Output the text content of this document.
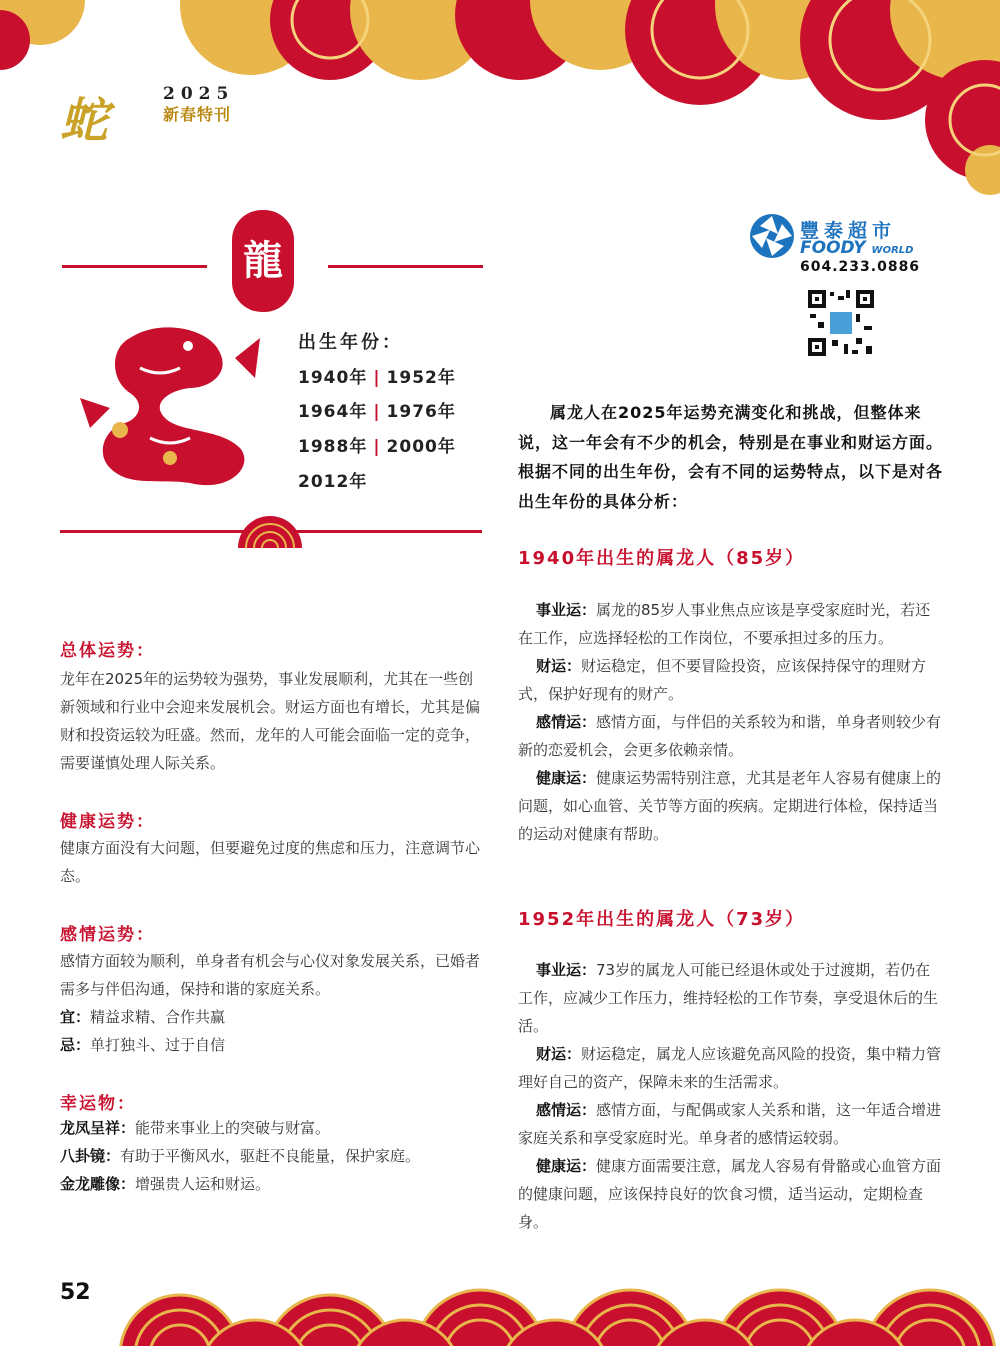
蛇	2025
新春特刊
龍
出生年份：
1940年 | 1952年
1964年 | 1976年
1988年 | 2000年
2012年
豐泰超市
FOODY WORLD
604.233.0886

属龙人在2025年运势充满变化和挑战，但整体来说，这一年会有不少的机会，特别是在事业和财运方面。根据不同的出生年份，会有不同的运势特点，以下是对各出生年份的具体分析：

总体运势：
龙年在2025年的运势较为强势，事业发展顺利，尤其在一些创新领域和行业中会迎来发展机会。财运方面也有增长，尤其是偏财和投资运较为旺盛。然而，龙年的人可能会面临一定的竞争，需要谨慎处理人际关系。
健康运势：
健康方面没有大问题，但要避免过度的焦虑和压力，注意调节心态。
感情运势：
感情方面较为顺利，单身者有机会与心仪对象发展关系，已婚者需多与伴侣沟通，保持和谐的家庭关系。
宜：精益求精、合作共赢
忌：单打独斗、过于自信
幸运物：
龙凤呈祥：能带来事业上的突破与财富。
八卦镜：有助于平衡风水，驱赶不良能量，保护家庭。
金龙雕像：增强贵人运和财运。
1940年出生的属龙人（85岁）

事业运：属龙的85岁人事业焦点应该是享受家庭时光，若还在工作，应选择轻松的工作岗位，不要承担过多的压力。

财运：财运稳定，但不要冒险投资，应该保持保守的理财方式，保护好现有的财产。

感情运：感情方面，与伴侣的关系较为和谐，单身者则较少有新的恋爱机会，会更多依赖亲情。

健康运：健康运势需特别注意，尤其是老年人容易有健康上的问题，如心血管、关节等方面的疾病。定期进行体检，保持适当的运动对健康有帮助。

1952年出生的属龙人（73岁）

事业运：73岁的属龙人可能已经退休或处于过渡期，若仍在工作，应减少工作压力，维持轻松的工作节奏，享受退休后的生活。

财运：财运稳定，属龙人应该避免高风险的投资，集中精力管理好自己的资产，保障未来的生活需求。

感情运：感情方面，与配偶或家人关系和谐，这一年适合增进家庭关系和享受家庭时光。单身者的感情运较弱。

健康运：健康方面需要注意，属龙人容易有骨骼或心血管方面的健康问题，应该保持良好的饮食习惯，适当运动，定期检查身。

52
